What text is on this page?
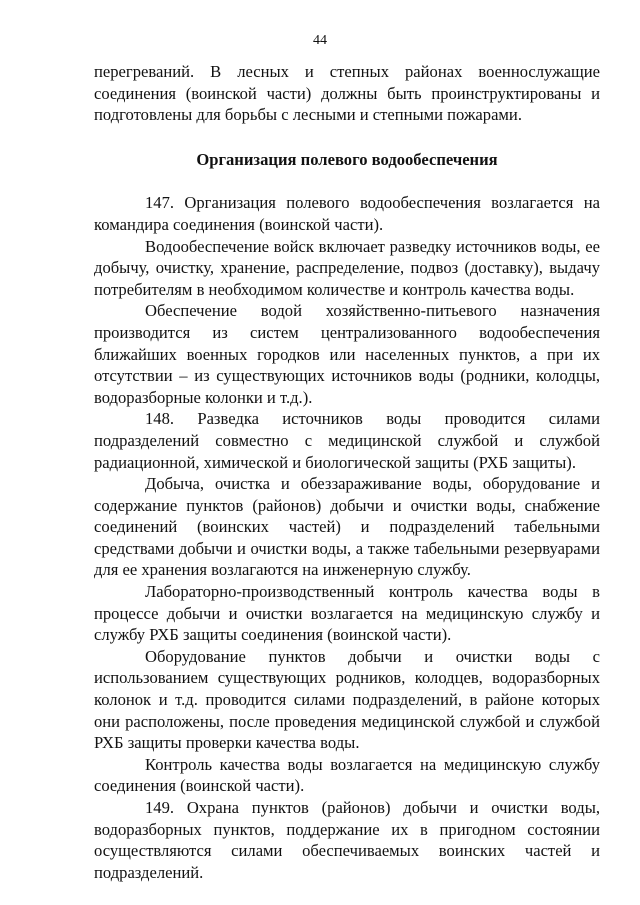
44

перегреваний. В лесных и степных районах военнослужащие соединения (воинской части) должны быть проинструктированы и подготовлены для борьбы с лесными и степными пожарами.

Организация полевого водообеспечения

147. Организация полевого водообеспечения возлагается на командира соединения (воинской части).

Водообеспечение войск включает разведку источников воды, ее добычу, очистку, хранение, распределение, подвоз (доставку), выдачу потребителям в необходимом количестве и контроль качества воды.

Обеспечение водой хозяйственно-питьевого назначения производится из систем централизованного водообеспечения ближайших военных городков или населенных пунктов, а при их отсутствии – из существующих источников воды (родники, колодцы, водоразборные колонки и т.д.).

148. Разведка источников воды проводится силами подразделений совместно с медицинской службой и службой радиационной, химической и биологической защиты (РХБ защиты).

Добыча, очистка и обеззараживание воды, оборудование и содержание пунктов (районов) добычи и очистки воды, снабжение соединений (воинских частей) и подразделений табельными средствами добычи и очистки воды, а также табельными резервуарами для ее хранения возлагаются на инженерную службу.

Лабораторно-производственный контроль качества воды в процессе добычи и очистки возлагается на медицинскую службу и службу РХБ защиты соединения (воинской части).

Оборудование пунктов добычи и очистки воды с использованием существующих родников, колодцев, водоразборных колонок и т.д. проводится силами подразделений, в районе которых они расположены, после проведения медицинской службой и службой РХБ защиты проверки качества воды.

Контроль качества воды возлагается на медицинскую службу соединения (воинской части).

149. Охрана пунктов (районов) добычи и очистки воды, водоразборных пунктов, поддержание их в пригодном состоянии осуществляются силами обеспечиваемых воинских частей и подразделений.
